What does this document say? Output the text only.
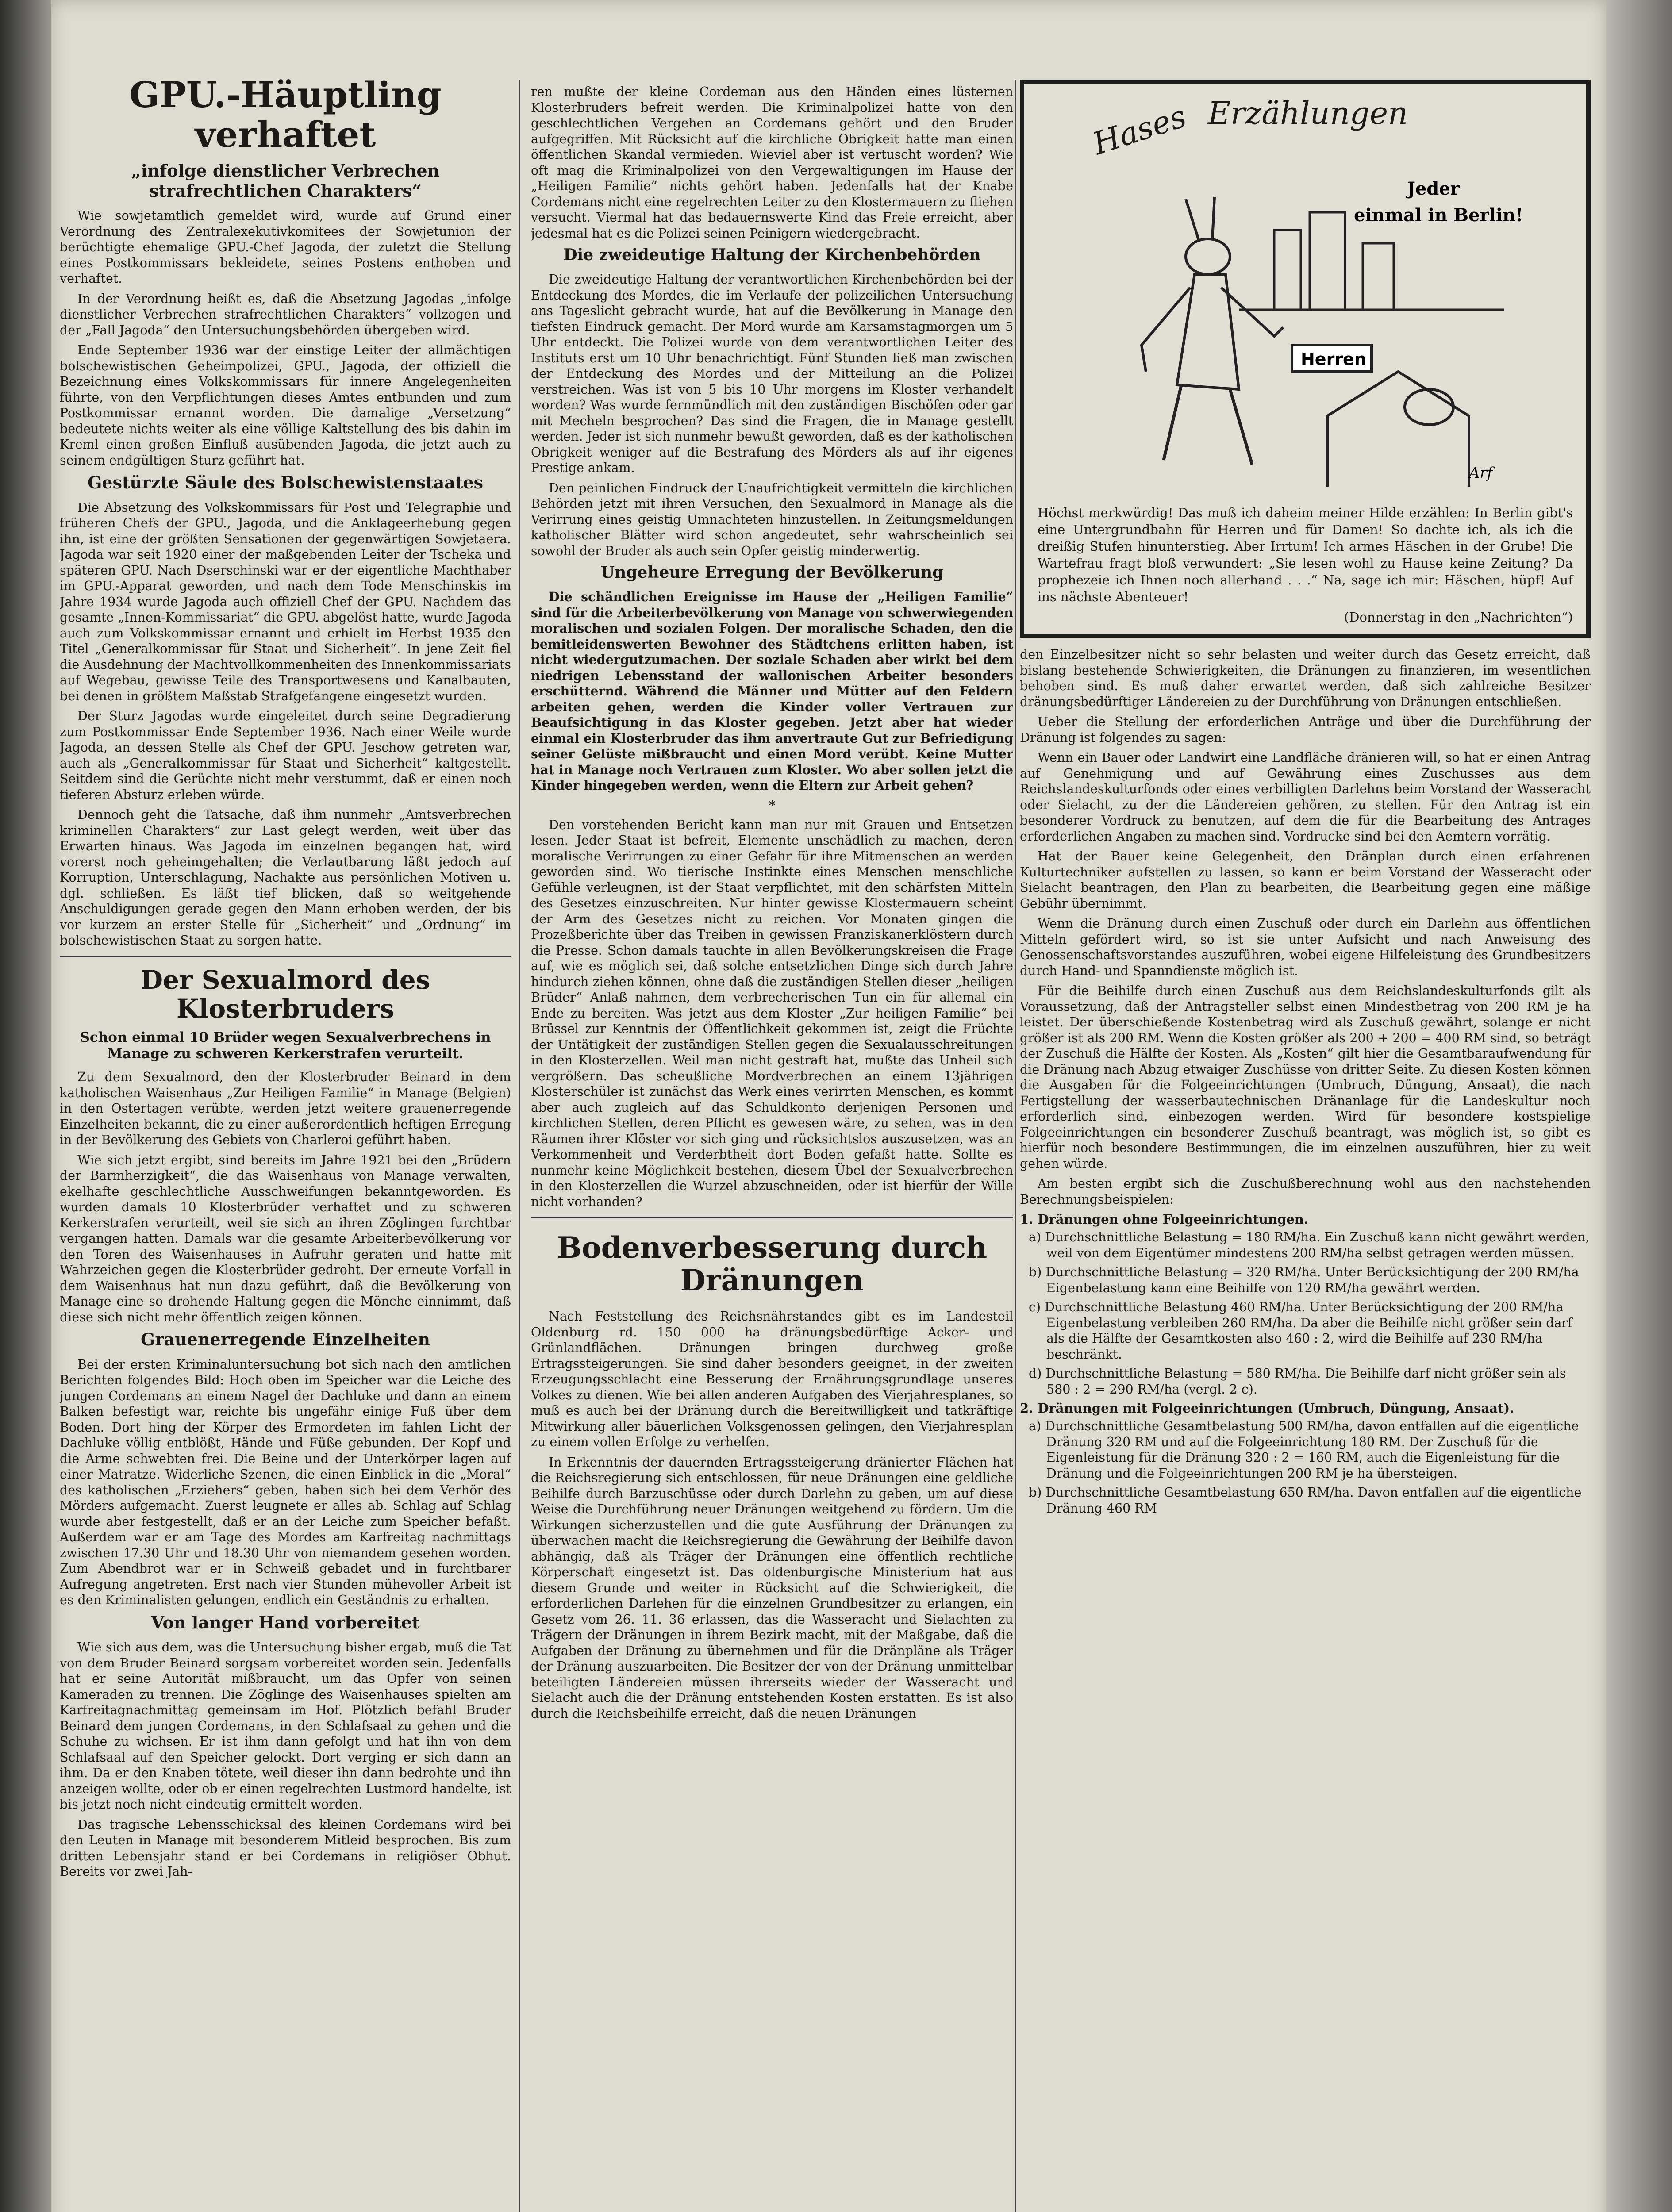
GPU.-Häuptling verhaftet
„infolge dienstlicher Verbrechen strafrechtlichen Charakters“

Wie sowjetamtlich gemeldet wird, wurde auf Grund einer Verordnung des Zentralexekutivkomitees der Sowjetunion der berüchtigte ehemalige GPU.-Chef Jagoda, der zuletzt die Stellung eines Postkommissars bekleidete, seines Postens enthoben und verhaftet.

In der Verordnung heißt es, daß die Absetzung Jagodas „infolge dienstlicher Verbrechen strafrechtlichen Charakters“ vollzogen und der „Fall Jagoda“ den Untersuchungsbehörden übergeben wird.

Ende September 1936 war der einstige Leiter der allmächtigen bolschewistischen Geheimpolizei, GPU., Jagoda, der offiziell die Bezeichnung eines Volkskommissars für innere Angelegenheiten führte, von den Verpflichtungen dieses Amtes entbunden und zum Postkommissar ernannt worden. Die damalige „Versetzung“ bedeutete nichts weiter als eine völlige Kaltstellung des bis dahin im Kreml einen großen Einfluß ausübenden Jagoda, die jetzt auch zu seinem endgültigen Sturz geführt hat.

Gestürzte Säule des Bolschewistenstaates

Die Absetzung des Volkskommissars für Post und Telegraphie und früheren Chefs der GPU., Jagoda, und die Anklageerhebung gegen ihn, ist eine der größten Sensationen der gegenwärtigen Sowjetaera. Jagoda war seit 1920 einer der maßgebenden Leiter der Tscheka und späteren GPU. Nach Dserschinski war er der eigentliche Machthaber im GPU.-Apparat geworden, und nach dem Tode Menschinskis im Jahre 1934 wurde Jagoda auch offiziell Chef der GPU. Nachdem das gesamte „Innen-Kommissariat“ die GPU. abgelöst hatte, wurde Jagoda auch zum Volkskommissar ernannt und erhielt im Herbst 1935 den Titel „Generalkommissar für Staat und Sicherheit“. In jene Zeit fiel die Ausdehnung der Machtvollkommenheiten des Innenkommissariats auf Wegebau, gewisse Teile des Transportwesens und Kanalbauten, bei denen in größtem Maßstab Strafgefangene eingesetzt wurden.

Der Sturz Jagodas wurde eingeleitet durch seine Degradierung zum Postkommissar Ende September 1936. Nach einer Weile wurde Jagoda, an dessen Stelle als Chef der GPU. Jeschow getreten war, auch als „Generalkommissar für Staat und Sicherheit“ kaltgestellt. Seitdem sind die Gerüchte nicht mehr verstummt, daß er einen noch tieferen Absturz erleben würde.

Dennoch geht die Tatsache, daß ihm nunmehr „Amtsverbrechen kriminellen Charakters“ zur Last gelegt werden, weit über das Erwarten hinaus. Was Jagoda im einzelnen begangen hat, wird vorerst noch geheimgehalten; die Verlautbarung läßt jedoch auf Korruption, Unterschlagung, Nachakte aus persönlichen Motiven u. dgl. schließen. Es läßt tief blicken, daß so weitgehende Anschuldigungen gerade gegen den Mann erhoben werden, der bis vor kurzem an erster Stelle für „Sicherheit“ und „Ordnung“ im bolschewistischen Staat zu sorgen hatte.

Der Sexualmord des Klosterbruders
Schon einmal 10 Brüder wegen Sexualverbrechens in Manage zu schweren Kerkerstrafen verurteilt.

Zu dem Sexualmord, den der Klosterbruder Beinard in dem katholischen Waisenhaus „Zur Heiligen Familie“ in Manage (Belgien) in den Ostertagen verübte, werden jetzt weitere grauenerregende Einzelheiten bekannt, die zu einer außerordentlich heftigen Erregung in der Bevölkerung des Gebiets von Charleroi geführt haben.

Wie sich jetzt ergibt, sind bereits im Jahre 1921 bei den „Brüdern der Barmherzigkeit“, die das Waisenhaus von Manage verwalten, ekelhafte geschlechtliche Ausschweifungen bekanntgeworden. Es wurden damals 10 Klosterbrüder verhaftet und zu schweren Kerkerstrafen verurteilt, weil sie sich an ihren Zöglingen furchtbar vergangen hatten. Damals war die gesamte Arbeiterbevölkerung vor den Toren des Waisenhauses in Aufruhr geraten und hatte mit Wahrzeichen gegen die Klosterbrüder gedroht. Der erneute Vorfall in dem Waisenhaus hat nun dazu geführt, daß die Bevölkerung von Manage eine so drohende Haltung gegen die Mönche einnimmt, daß diese sich nicht mehr öffentlich zeigen können.

Grauenerregende Einzelheiten

Bei der ersten Kriminaluntersuchung bot sich nach den amtlichen Berichten folgendes Bild: Hoch oben im Speicher war die Leiche des jungen Cordemans an einem Nagel der Dachluke und dann an einem Balken befestigt war, reichte bis ungefähr einige Fuß über dem Boden. Dort hing der Körper des Ermordeten im fahlen Licht der Dachluke völlig entblößt, Hände und Füße gebunden. Der Kopf und die Arme schwebten frei. Die Beine und der Unterkörper lagen auf einer Matratze. Widerliche Szenen, die einen Einblick in die „Moral“ des katholischen „Erziehers“ geben, haben sich bei dem Verhör des Mörders aufgemacht. Zuerst leugnete er alles ab. Schlag auf Schlag wurde aber festgestellt, daß er an der Leiche zum Speicher befaßt. Außerdem war er am Tage des Mordes am Karfreitag nachmittags zwischen 17.30 Uhr und 18.30 Uhr von niemandem gesehen worden. Zum Abendbrot war er in Schweiß gebadet und in furchtbarer Aufregung angetreten. Erst nach vier Stunden mühevoller Arbeit ist es den Kriminalisten gelungen, endlich ein Geständnis zu erhalten.

Von langer Hand vorbereitet

Wie sich aus dem, was die Untersuchung bisher ergab, muß die Tat von dem Bruder Beinard sorgsam vorbereitet worden sein. Jedenfalls hat er seine Autorität mißbraucht, um das Opfer von seinen Kameraden zu trennen. Die Zöglinge des Waisenhauses spielten am Karfreitagnachmittag gemeinsam im Hof. Plötzlich befahl Bruder Beinard dem jungen Cordemans, in den Schlafsaal zu gehen und die Schuhe zu wichsen. Er ist ihm dann gefolgt und hat ihn von dem Schlafsaal auf den Speicher gelockt. Dort verging er sich dann an ihm. Da er den Knaben tötete, weil dieser ihn dann bedrohte und ihn anzeigen wollte, oder ob er einen regelrechten Lustmord handelte, ist bis jetzt noch nicht eindeutig ermittelt worden.

Das tragische Lebensschicksal des kleinen Cordemans wird bei den Leuten in Manage mit besonderem Mitleid besprochen. Bis zum dritten Lebensjahr stand er bei Cordemans in religiöser Obhut. Bereits vor zwei Jah-

ren mußte der kleine Cordeman aus den Händen eines lüsternen Klosterbruders befreit werden. Die Kriminalpolizei hatte von den geschlechtlichen Vergehen an Cordemans gehört und den Bruder aufgegriffen. Mit Rücksicht auf die kirchliche Obrigkeit hatte man einen öffentlichen Skandal vermieden. Wieviel aber ist vertuscht worden? Wie oft mag die Kriminalpolizei von den Vergewaltigungen im Hause der „Heiligen Familie“ nichts gehört haben. Jedenfalls hat der Knabe Cordemans nicht eine regelrechten Leiter zu den Klostermauern zu fliehen versucht. Viermal hat das bedauernswerte Kind das Freie erreicht, aber jedesmal hat es die Polizei seinen Peinigern wiedergebracht.

Die zweideutige Haltung der Kirchenbehörden

Die zweideutige Haltung der verantwortlichen Kirchenbehörden bei der Entdeckung des Mordes, die im Verlaufe der polizeilichen Untersuchung ans Tageslicht gebracht wurde, hat auf die Bevölkerung in Manage den tiefsten Eindruck gemacht. Der Mord wurde am Karsamstagmorgen um 5 Uhr entdeckt. Die Polizei wurde von dem verantwortlichen Leiter des Instituts erst um 10 Uhr benachrichtigt. Fünf Stunden ließ man zwischen der Entdeckung des Mordes und der Mitteilung an die Polizei verstreichen. Was ist von 5 bis 10 Uhr morgens im Kloster verhandelt worden? Was wurde fernmündlich mit den zuständigen Bischöfen oder gar mit Mecheln besprochen? Das sind die Fragen, die in Manage gestellt werden. Jeder ist sich nunmehr bewußt geworden, daß es der katholischen Obrigkeit weniger auf die Bestrafung des Mörders als auf ihr eigenes Prestige ankam.

Den peinlichen Eindruck der Unaufrichtigkeit vermitteln die kirchlichen Behörden jetzt mit ihren Versuchen, den Sexualmord in Manage als die Verirrung eines geistig Umnachteten hinzustellen. In Zeitungsmeldungen katholischer Blätter wird schon angedeutet, sehr wahrscheinlich sei sowohl der Bruder als auch sein Opfer geistig minderwertig.

Ungeheure Erregung der Bevölkerung

Die schändlichen Ereignisse im Hause der „Heiligen Familie“ sind für die Arbeiterbevölkerung von Manage von schwerwiegenden moralischen und sozialen Folgen. Der moralische Schaden, den die bemitleidenswerten Bewohner des Städtchens erlitten haben, ist nicht wiedergutzumachen. Der soziale Schaden aber wirkt bei dem niedrigen Lebensstand der wallonischen Arbeiter besonders erschütternd. Während die Männer und Mütter auf den Feldern arbeiten gehen, werden die Kinder voller Vertrauen zur Beaufsichtigung in das Kloster gegeben. Jetzt aber hat wieder einmal ein Klosterbruder das ihm anvertraute Gut zur Befriedigung seiner Gelüste mißbraucht und einen Mord verübt. Keine Mutter hat in Manage noch Vertrauen zum Kloster. Wo aber sollen jetzt die Kinder hingegeben werden, wenn die Eltern zur Arbeit gehen?

*

Den vorstehenden Bericht kann man nur mit Grauen und Entsetzen lesen. Jeder Staat ist befreit, Elemente unschädlich zu machen, deren moralische Verirrungen zu einer Gefahr für ihre Mitmenschen an werden geworden sind. Wo tierische Instinkte eines Menschen menschliche Gefühle verleugnen, ist der Staat verpflichtet, mit den schärfsten Mitteln des Gesetzes einzuschreiten. Nur hinter gewisse Klostermauern scheint der Arm des Gesetzes nicht zu reichen. Vor Monaten gingen die Prozeßberichte über das Treiben in gewissen Franziskanerklöstern durch die Presse. Schon damals tauchte in allen Bevölkerungskreisen die Frage auf, wie es möglich sei, daß solche entsetzlichen Dinge sich durch Jahre hindurch ziehen können, ohne daß die zuständigen Stellen dieser „heiligen Brüder“ Anlaß nahmen, dem verbrecherischen Tun ein für allemal ein Ende zu bereiten. Was jetzt aus dem Kloster „Zur heiligen Familie“ bei Brüssel zur Kenntnis der Öffentlichkeit gekommen ist, zeigt die Früchte der Untätigkeit der zuständigen Stellen gegen die Sexualausschreitungen in den Klosterzellen. Weil man nicht gestraft hat, mußte das Unheil sich vergrößern. Das scheußliche Mordverbrechen an einem 13jährigen Klosterschüler ist zunächst das Werk eines verirrten Menschen, es kommt aber auch zugleich auf das Schuldkonto derjenigen Personen und kirchlichen Stellen, deren Pflicht es gewesen wäre, zu sehen, was in den Räumen ihrer Klöster vor sich ging und rücksichtslos auszusetzen, was an Verkommenheit und Verderbtheit dort Boden gefaßt hatte. Sollte es nunmehr keine Möglichkeit bestehen, diesem Übel der Sexualverbrechen in den Klosterzellen die Wurzel abzuschneiden, oder ist hierfür der Wille nicht vorhanden?

Bodenverbesserung durch Dränungen

Nach Feststellung des Reichsnährstandes gibt es im Landesteil Oldenburg rd. 150 000 ha dränungsbedürftige Acker- und Grünlandflächen. Dränungen bringen durchweg große Ertragssteigerungen. Sie sind daher besonders geeignet, in der zweiten Erzeugungsschlacht eine Besserung der Ernährungsgrundlage unseres Volkes zu dienen. Wie bei allen anderen Aufgaben des Vierjahresplanes, so muß es auch bei der Dränung durch die Bereitwilligkeit und tatkräftige Mitwirkung aller bäuerlichen Volksgenossen gelingen, den Vierjahresplan zu einem vollen Erfolge zu verhelfen.

In Erkenntnis der dauernden Ertragssteigerung dränierter Flächen hat die Reichsregierung sich entschlossen, für neue Dränungen eine geldliche Beihilfe durch Barzuschüsse oder durch Darlehn zu geben, um auf diese Weise die Durchführung neuer Dränungen weitgehend zu fördern. Um die Wirkungen sicherzustellen und die gute Ausführung der Dränungen zu überwachen macht die Reichsregierung die Gewährung der Beihilfe davon abhängig, daß als Träger der Dränungen eine öffentlich rechtliche Körperschaft eingesetzt ist. Das oldenburgische Ministerium hat aus diesem Grunde und weiter in Rücksicht auf die Schwierigkeit, die erforderlichen Darlehen für die einzelnen Grundbesitzer zu erlangen, ein Gesetz vom 26. 11. 36 erlassen, das die Wasseracht und Sielachten zu Trägern der Dränungen in ihrem Bezirk macht, mit der Maßgabe, daß die Aufgaben der Dränung zu übernehmen und für die Dränpläne als Träger der Dränung auszuarbeiten. Die Besitzer der von der Dränung unmittelbar beteiligten Ländereien müssen ihrerseits wieder der Wasseracht und Sielacht auch die der Dränung entstehenden Kosten erstatten. Es ist also durch die Reichsbeihilfe erreicht, daß die neuen Dränungen

Hases Erzählungen
Jeder
einmal in Berlin!
Herren
Arf

Höchst merkwürdig! Das muß ich daheim meiner Hilde erzählen: In Berlin gibt's eine Untergrundbahn für Herren und für Damen! So dachte ich, als ich die dreißig Stufen hinunterstieg. Aber Irrtum! Ich armes Häschen in der Grube! Die Wartefrau fragt bloß verwundert: „Sie lesen wohl zu Hause keine Zeitung? Da prophezeie ich Ihnen noch allerhand . . .“ Na, sage ich mir: Häschen, hüpf! Auf ins nächste Abenteuer!

(Donnerstag in den „Nachrichten“)

den Einzelbesitzer nicht so sehr belasten und weiter durch das Gesetz erreicht, daß bislang bestehende Schwierigkeiten, die Dränungen zu finanzieren, im wesentlichen behoben sind. Es muß daher erwartet werden, daß sich zahlreiche Besitzer dränungsbedürftiger Ländereien zu der Durchführung von Dränungen entschließen.

Ueber die Stellung der erforderlichen Anträge und über die Durchführung der Dränung ist folgendes zu sagen:

Wenn ein Bauer oder Landwirt eine Landfläche dränieren will, so hat er einen Antrag auf Genehmigung und auf Gewährung eines Zuschusses aus dem Reichslandeskulturfonds oder eines verbilligten Darlehns beim Vorstand der Wasseracht oder Sielacht, zu der die Ländereien gehören, zu stellen. Für den Antrag ist ein besonderer Vordruck zu benutzen, auf dem die für die Bearbeitung des Antrages erforderlichen Angaben zu machen sind. Vordrucke sind bei den Aemtern vorrätig.

Hat der Bauer keine Gelegenheit, den Dränplan durch einen erfahrenen Kulturtechniker aufstellen zu lassen, so kann er beim Vorstand der Wasseracht oder Sielacht beantragen, den Plan zu bearbeiten, die Bearbeitung gegen eine mäßige Gebühr übernimmt.

Wenn die Dränung durch einen Zuschuß oder durch ein Darlehn aus öffentlichen Mitteln gefördert wird, so ist sie unter Aufsicht und nach Anweisung des Genossenschaftsvorstandes auszuführen, wobei eigene Hilfeleistung des Grundbesitzers durch Hand- und Spanndienste möglich ist.

Für die Beihilfe durch einen Zuschuß aus dem Reichslandeskulturfonds gilt als Voraussetzung, daß der Antragsteller selbst einen Mindestbetrag von 200 RM je ha leistet. Der überschießende Kostenbetrag wird als Zuschuß gewährt, solange er nicht größer ist als 200 RM. Wenn die Kosten größer als 200 + 200 = 400 RM sind, so beträgt der Zuschuß die Hälfte der Kosten. Als „Kosten“ gilt hier die Gesamtbaraufwendung für die Dränung nach Abzug etwaiger Zuschüsse von dritter Seite. Zu diesen Kosten können die Ausgaben für die Folgeeinrichtungen (Umbruch, Düngung, Ansaat), die nach Fertigstellung der wasserbautechnischen Dränanlage für die Landeskultur noch erforderlich sind, einbezogen werden. Wird für besondere kostspielige Folgeeinrichtungen ein besonderer Zuschuß beantragt, was möglich ist, so gibt es hierfür noch besondere Bestimmungen, die im einzelnen auszuführen, hier zu weit gehen würde.

Am besten ergibt sich die Zuschußberechnung wohl aus den nachstehenden Berechnungsbeispielen:

1. Dränungen ohne Folgeeinrichtungen.
a) Durchschnittliche Belastung = 180 RM/ha. Ein Zuschuß kann nicht gewährt werden, weil von dem Eigentümer mindestens 200 RM/ha selbst getragen werden müssen.
b) Durchschnittliche Belastung = 320 RM/ha. Unter Berücksichtigung der 200 RM/ha Eigenbelastung kann eine Beihilfe von 120 RM/ha gewährt werden.
c) Durchschnittliche Belastung 460 RM/ha. Unter Berücksichtigung der 200 RM/ha Eigenbelastung verbleiben 260 RM/ha. Da aber die Beihilfe nicht größer sein darf als die Hälfte der Gesamtkosten also 460 : 2, wird die Beihilfe auf 230 RM/ha beschränkt.
d) Durchschnittliche Belastung = 580 RM/ha. Die Beihilfe darf nicht größer sein als 580 : 2 = 290 RM/ha (vergl. 2 c).
2. Dränungen mit Folgeeinrichtungen (Umbruch, Düngung, Ansaat).
a) Durchschnittliche Gesamtbelastung 500 RM/ha, davon entfallen auf die eigentliche Dränung 320 RM und auf die Folgeeinrichtung 180 RM. Der Zuschuß für die Eigenleistung für die Dränung 320 : 2 = 160 RM, auch die Eigenleistung für die Dränung und die Folgeeinrichtungen 200 RM je ha übersteigen.
b) Durchschnittliche Gesamtbelastung 650 RM/ha. Davon entfallen auf die eigentliche Dränung 460 RM
